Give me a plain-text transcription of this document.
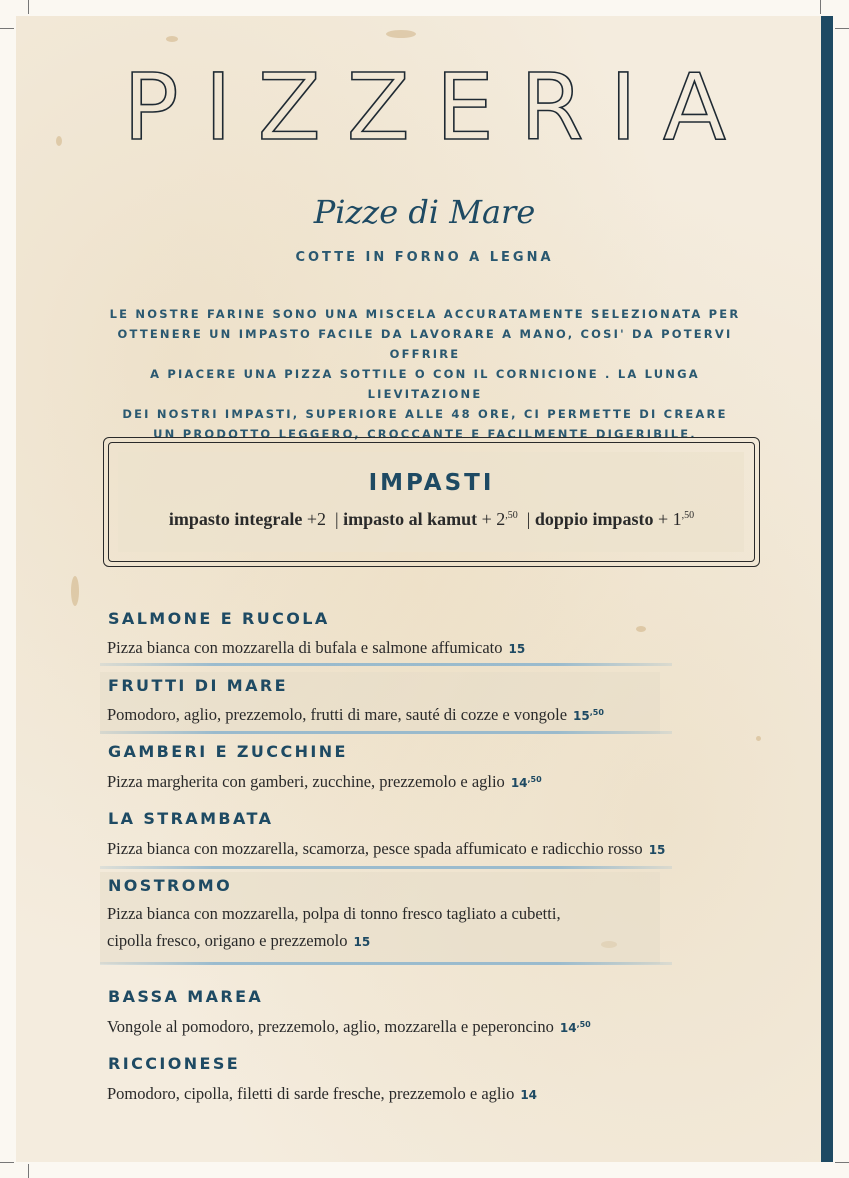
PIZZERIA
Pizze di Mare
COTTE IN FORNO A LEGNA
LE NOSTRE FARINE SONO UNA MISCELA ACCURATAMENTE SELEZIONATA PER
OTTENERE UN IMPASTO FACILE DA LAVORARE A MANO, COSI' DA POTERVI OFFRIRE
A PIACERE UNA PIZZA SOTTILE O CON IL CORNICIONE . LA LUNGA LIEVITAZIONE
DEI NOSTRI IMPASTI, SUPERIORE ALLE 48 ORE, CI PERMETTE DI CREARE
UN PRODOTTO LEGGERO, CROCCANTE E FACILMENTE DIGERIBILE.
IMPASTI
impasto integrale +2 | impasto al kamut + $2^{,50}$ | doppio impasto + $1^{,50}$
SALMONE E RUCOLA
Pizza bianca con mozzarella di bufala e salmone affumicato 15
FRUTTI DI MARE
Pomodoro, aglio, prezzemolo, frutti di mare, sauté di cozze e vongole $15^{,50}$
GAMBERI E ZUCCHINE
Pizza margherita con gamberi, zucchine, prezzemolo e aglio $14^{,50}$
LA STRAMBATA
Pizza bianca con mozzarella, scamorza, pesce spada affumicato e radicchio rosso 15
NOSTROMO
Pizza bianca con mozzarella, polpa di tonno fresco tagliato a cubetti,
cipolla fresco, origano e prezzemolo 15
BASSA MAREA
Vongole al pomodoro, prezzemolo, aglio, mozzarella e peperoncino $14^{,50}$
RICCIONESE
Pomodoro, cipolla, filetti di sarde fresche, prezzemolo e aglio 14
